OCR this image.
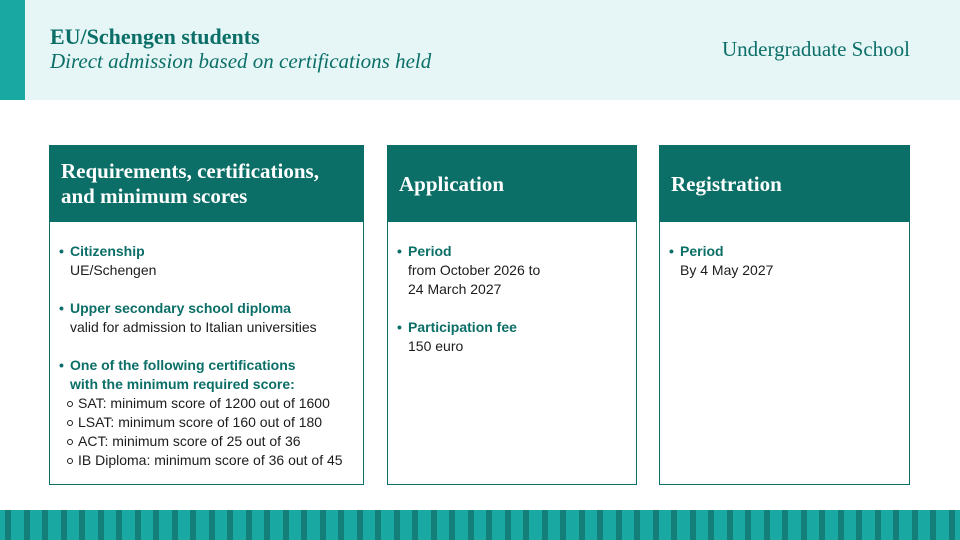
EU/Schengen students
Direct admission based on certifications held	Undergraduate School
Requirements, certifications,
and minimum scores
• Citizenship
UE/Schengen
• Upper secondary school diploma
valid for admission to Italian universities
• One of the following certifications
with the minimum required score:
SAT: minimum score of 1200 out of 1600
LSAT: minimum score of 160 out of 180
ACT: minimum score of 25 out of 36
IB Diploma: minimum score of 36 out of 45
Application
• Period
from October 2026 to
24 March 2027
• Participation fee
150 euro
Registration
• Period
By 4 May 2027
